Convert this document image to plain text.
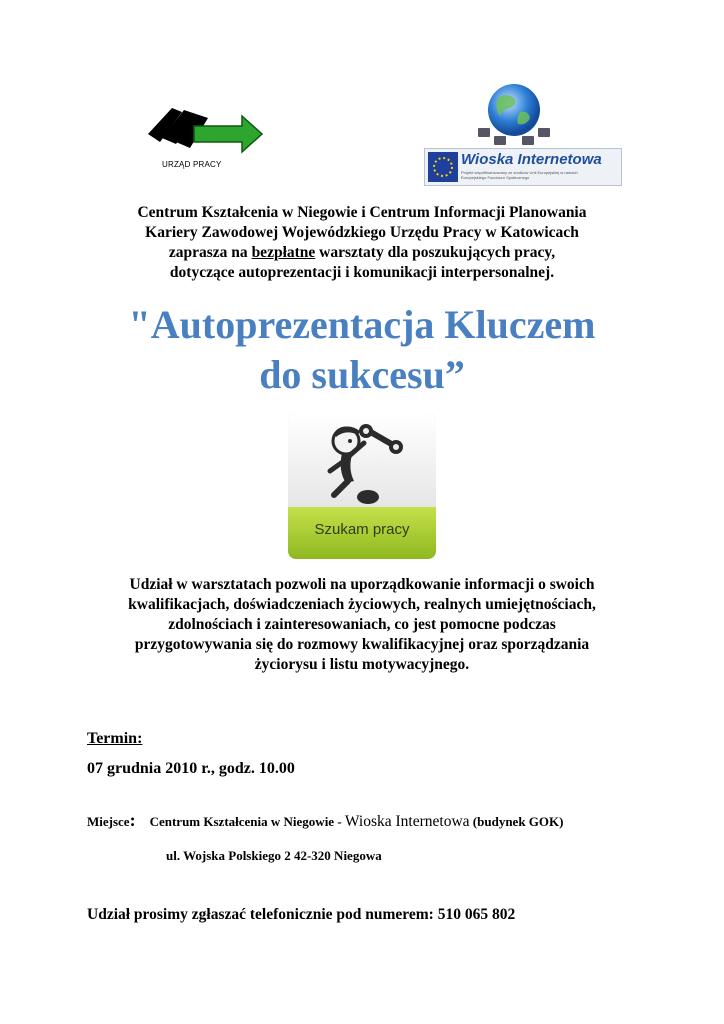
URZĄD PRACY	Wioska Internetowa
Projekt współfinansowany ze środków Unii Europejskiej w ramach Europejskiego Funduszu Społecznego

Centrum Kształcenia w Niegowie i Centrum Informacji Planowania

Kariery Zawodowej Wojewódzkiego Urzędu Pracy w Katowicach

zaprasza na bezpłatne warsztaty dla poszukujących pracy,

dotyczące autoprezentacji i komunikacji interpersonalnej.

"Autoprezentacja Kluczem
do sukcesu”
Szukam pracy
Udział w warsztatach pozwoli na uporządkowanie informacji o swoich
kwalifikacjach, doświadczeniach życiowych, realnych umiejętnościach,
zdolnościach i zainteresowaniach, co jest pomocne podczas
przygotowywania się do rozmowy kwalifikacyjnej oraz sporządzania
życiorysu i listu motywacyjnego.
Termin:
07 grudnia 2010 r., godz. 10.00
Miejsce: Centrum Kształcenia w Niegowie - Wioska Internetowa (budynek GOK)
ul. Wojska Polskiego 2 42-320 Niegowa
Udział prosimy zgłaszać telefonicznie pod numerem: 510 065 802
